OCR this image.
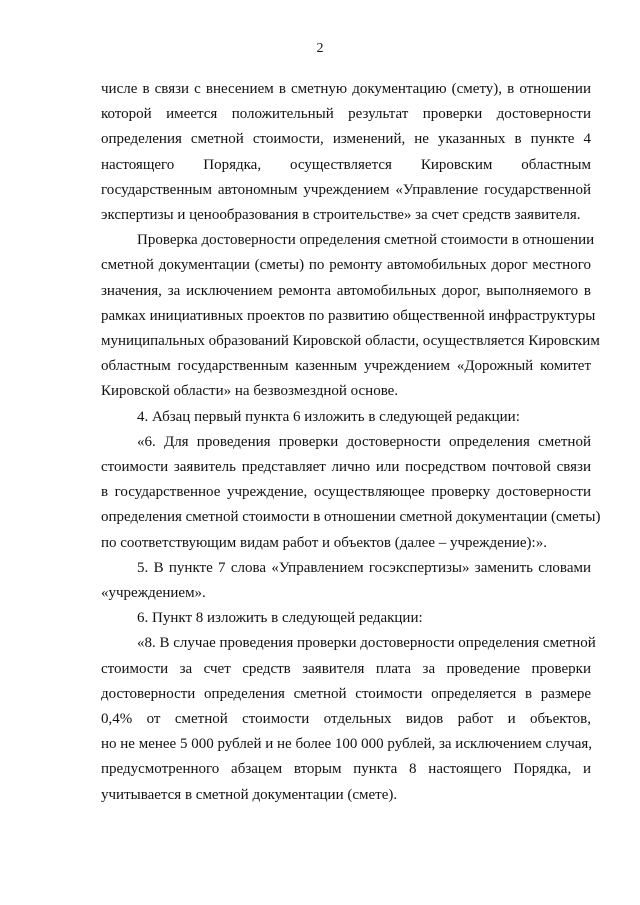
2
числе в связи с внесением в сметную документацию (смету), в отношении
которой имеется положительный результат проверки достоверности
определения сметной стоимости, изменений, не указанных в пункте 4
настоящего Порядка, осуществляется Кировским областным
государственным автономным учреждением «Управление государственной
экспертизы и ценообразования в строительстве» за счет средств заявителя.
Проверка достоверности определения сметной стоимости в отношении
сметной документации (сметы) по ремонту автомобильных дорог местного
значения, за исключением ремонта автомобильных дорог, выполняемого в
рамках инициативных проектов по развитию общественной инфраструктуры
муниципальных образований Кировской области, осуществляется Кировским
областным государственным казенным учреждением «Дорожный комитет
Кировской области» на безвозмездной основе.
4. Абзац первый пункта 6 изложить в следующей редакции:
«6. Для проведения проверки достоверности определения сметной
стоимости заявитель представляет лично или посредством почтовой связи
в государственное учреждение, осуществляющее проверку достоверности
определения сметной стоимости в отношении сметной документации (сметы)
по соответствующим видам работ и объектов (далее – учреждение):».
5. В пункте 7 слова «Управлением госэкспертизы» заменить словами
«учреждением».
6. Пункт 8 изложить в следующей редакции:
«8. В случае проведения проверки достоверности определения сметной
стоимости за счет средств заявителя плата за проведение проверки
достоверности определения сметной стоимости определяется в размере
0,4% от сметной стоимости отдельных видов работ и объектов,
но не менее 5 000 рублей и не более 100 000 рублей, за исключением случая,
предусмотренного абзацем вторым пункта 8 настоящего Порядка, и
учитывается в сметной документации (смете).
